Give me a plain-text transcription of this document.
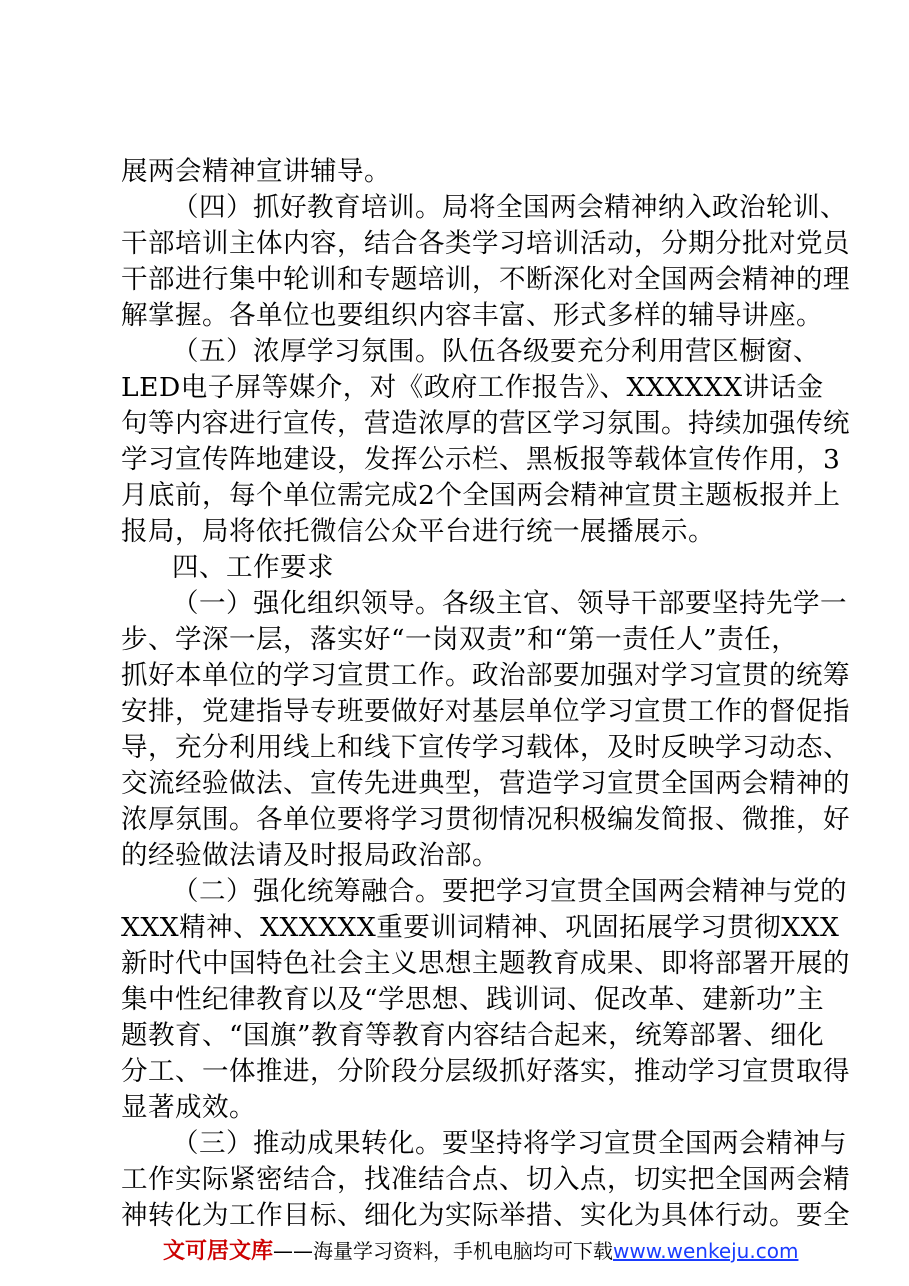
展两会精神宣讲辅导。
（四）抓好教育培训。局将全国两会精神纳入政治轮训、
干部培训主体内容，结合各类学习培训活动，分期分批对党员
干部进行集中轮训和专题培训，不断深化对全国两会精神的理
解掌握。各单位也要组织内容丰富、形式多样的辅导讲座。
（五）浓厚学习氛围。队伍各级要充分利用营区橱窗、
LED电子屏等媒介，对《政府工作报告》、XXXXXX讲话金
句等内容进行宣传，营造浓厚的营区学习氛围。持续加强传统
学习宣传阵地建设，发挥公示栏、黑板报等载体宣传作用，3
月底前，每个单位需完成2个全国两会精神宣贯主题板报并上
报局，局将依托微信公众平台进行统一展播展示。
四、工作要求
（一）强化组织领导。各级主官、领导干部要坚持先学一
步、学深一层，落实好“一岗双责”和“第一责任人”责任，
抓好本单位的学习宣贯工作。政治部要加强对学习宣贯的统筹
安排，党建指导专班要做好对基层单位学习宣贯工作的督促指
导，充分利用线上和线下宣传学习载体，及时反映学习动态、
交流经验做法、宣传先进典型，营造学习宣贯全国两会精神的
浓厚氛围。各单位要将学习贯彻情况积极编发简报、微推，好
的经验做法请及时报局政治部。
（二）强化统筹融合。要把学习宣贯全国两会精神与党的
XXX精神、XXXXXX重要训词精神、巩固拓展学习贯彻XXX
新时代中国特色社会主义思想主题教育成果、即将部署开展的
集中性纪律教育以及“学思想、践训词、促改革、建新功”主
题教育、“国旗”教育等教育内容结合起来，统筹部署、细化
分工、一体推进，分阶段分层级抓好落实，推动学习宣贯取得
显著成效。
（三）推动成果转化。要坚持将学习宣贯全国两会精神与
工作实际紧密结合，找准结合点、切入点，切实把全国两会精
神转化为工作目标、细化为实际举措、实化为具体行动。要全
文可居文库——海量学习资料，手机电脑均可下载www.wenkeju.com
